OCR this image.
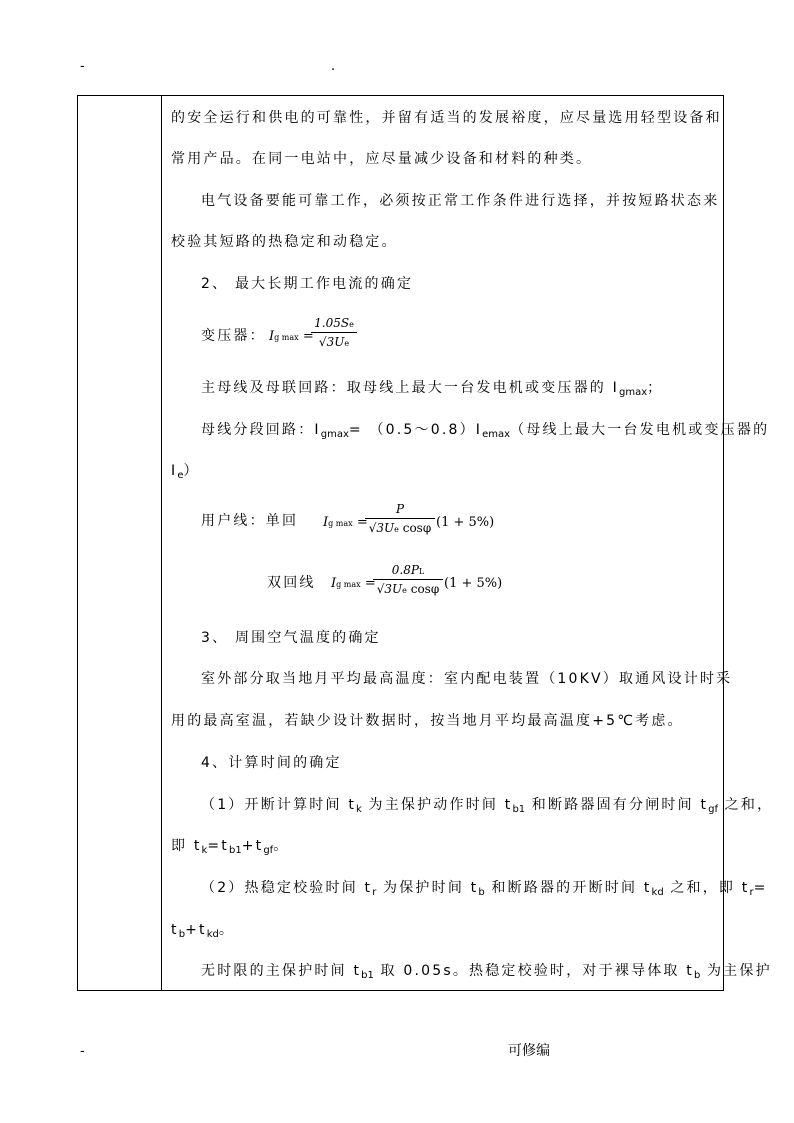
-	.
的安全运行和供电的可靠性，并留有适当的发展裕度，应尽量选用轻型设备和
常用产品。在同一电站中，应尽量减少设备和材料的种类。
电气设备要能可靠工作，必须按正常工作条件进行选择，并按短路状态来
校验其短路的热稳定和动稳定。
2、 最大长期工作电流的确定
变压器： Ig max =
1.05Se
√3Ue
主母线及母联回路：取母线上最大一台发电机或变压器的 $I_{gmax}$；
母线分段回路：$I_{gmax}=$ $(0.5\sim 0.8)I_{emax}$（母线上最大一台发电机或变压器的
$I_e$）
用户线：单回 Ig max =
P
√3Ue cosφ (1 + 5%)
双回线 Ig max =
0.8PL
√3Ue cosφ (1 + 5%)
3、 周围空气温度的确定
室外部分取当地月平均最高温度：室内配电装置（10KV）取通风设计时采
用的最高室温，若缺少设计数据时，按当地月平均最高温度+5℃考虑。
4、计算时间的确定
（1）开断计算时间 $t_k$ 为主保护动作时间 $t_{b1}$ 和断路器固有分闸时间 $t_{gf}$ 之和，
即 $t_k=t_{b1}+t_{gf}$。
（2）热稳定校验时间 $t_r$ 为保护时间 $t_b$ 和断路器的开断时间 $t_{kd}$ 之和，即 $t_r=$
$t_b+t_{kd}$。
无时限的主保护时间 $t_{b1}$ 取 0.05s。热稳定校验时，对于裸导体取 $t_b$ 为主保护
-	可修编
